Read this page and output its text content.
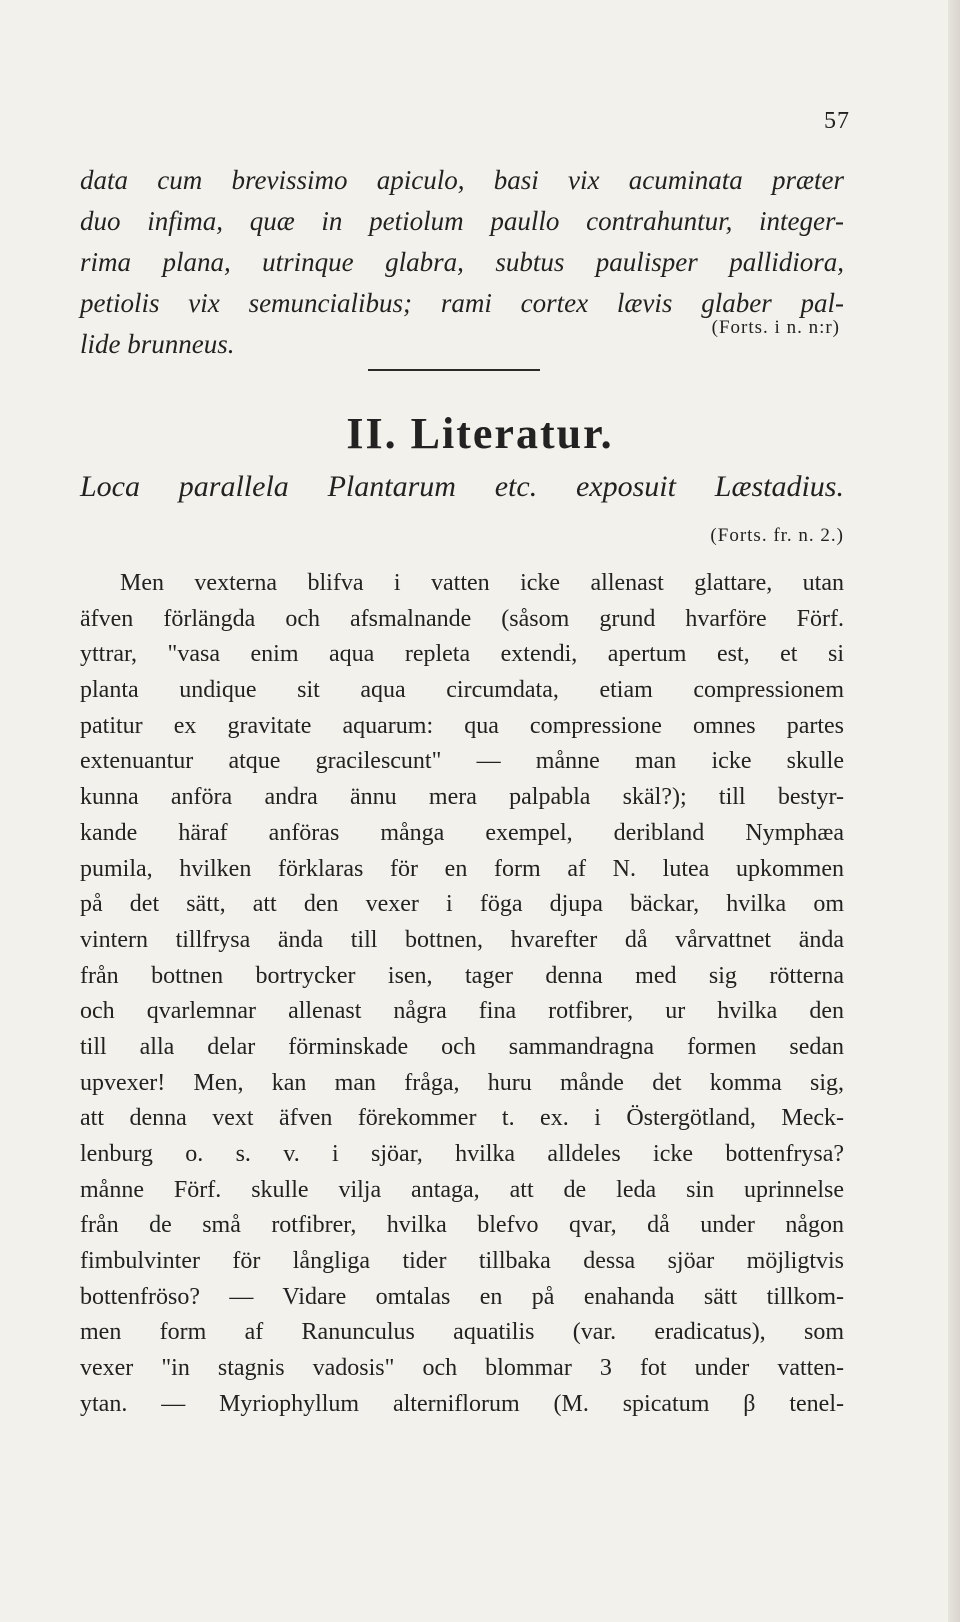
57
data cum brevissimo apiculo, basi vix acuminata præter
duo infima, quæ in petiolum paullo contrahuntur, integer-
rima plana, utrinque glabra, subtus paulisper pallidiora,
petiolis vix semuncialibus; rami cortex lævis glaber pal-
lide brunneus.
(Forts. i n. n:r)
II. Literatur.
Loca parallela Plantarum etc. exposuit Læstadius.
(Forts. fr. n. 2.)
Men vexterna blifva i vatten icke allenast glattare, utan
äfven förlängda och afsmalnande (såsom grund hvarföre Förf.
yttrar, "vasa enim aqua repleta extendi, apertum est, et si
planta undique sit aqua circumdata, etiam compressionem
patitur ex gravitate aquarum: qua compressione omnes partes
extenuantur atque gracilescunt" — månne man icke skulle
kunna anföra andra ännu mera palpabla skäl?); till bestyr-
kande häraf anföras många exempel, deribland Nymphæa
pumila, hvilken förklaras för en form af N. lutea upkommen
på det sätt, att den vexer i föga djupa bäckar, hvilka om
vintern tillfrysa ända till bottnen, hvarefter då vårvattnet ända
från bottnen bortrycker isen, tager denna med sig rötterna
och qvarlemnar allenast några fina rotfibrer, ur hvilka den
till alla delar förminskade och sammandragna formen sedan
upvexer! Men, kan man fråga, huru månde det komma sig,
att denna vext äfven förekommer t. ex. i Östergötland, Meck-
lenburg o. s. v. i sjöar, hvilka alldeles icke bottenfrysa?
månne Förf. skulle vilja antaga, att de leda sin uprinnelse
från de små rotfibrer, hvilka blefvo qvar, då under någon
fimbulvinter för långliga tider tillbaka dessa sjöar möjligtvis
bottenfröso? — Vidare omtalas en på enahanda sätt tillkom-
men form af Ranunculus aquatilis (var. eradicatus), som
vexer "in stagnis vadosis" och blommar 3 fot under vatten-
ytan. — Myriophyllum alterniflorum (M. spicatum β tenel-
